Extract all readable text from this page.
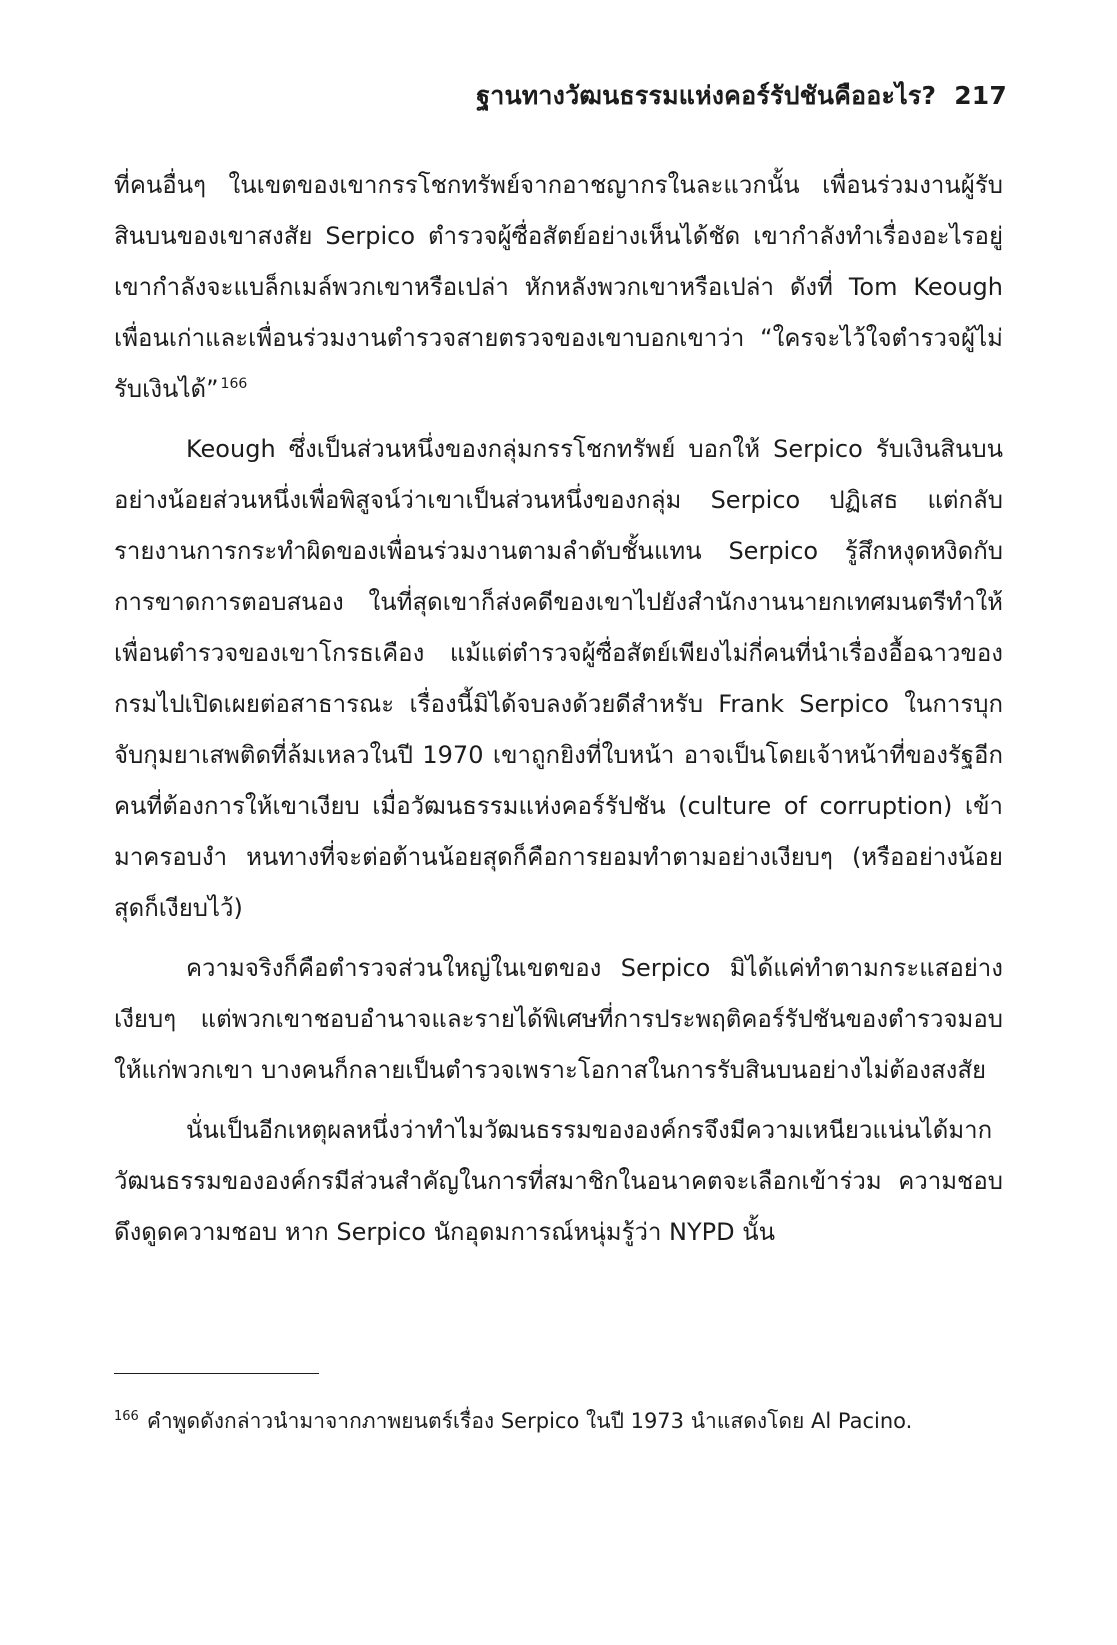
ฐานทางวัฒนธรรมแห่งคอร์รัปชันคืออะไร? 217

ที่คนอื่นๆ ในเขตของเขากรรโชกทรัพย์จากอาชญากรในละแวกนั้น เพื่อนร่วมงานผู้รับสินบนของเขาสงสัย Serpico ตำรวจผู้ซื่อสัตย์อย่างเห็นได้ชัด เขากำลังทำเรื่องอะไรอยู่ เขากำลังจะแบล็กเมล์พวกเขาหรือเปล่า หักหลังพวกเขาหรือเปล่า ดังที่ Tom Keough เพื่อนเก่าและเพื่อนร่วมงานตำรวจสายตรวจของเขาบอกเขาว่า “ใครจะไว้ใจตำรวจผู้ไม่รับเงินได้” $^{166}$

Keough ซึ่งเป็นส่วนหนึ่งของกลุ่มกรรโชกทรัพย์ บอกให้ Serpico รับเงินสินบนอย่างน้อยส่วนหนึ่งเพื่อพิสูจน์ว่าเขาเป็นส่วนหนึ่งของกลุ่ม Serpico ปฏิเสธ แต่กลับรายงานการกระทำผิดของเพื่อนร่วมงานตามลำดับชั้นแทน Serpico รู้สึกหงุดหงิดกับการขาดการตอบสนอง ในที่สุดเขาก็ส่งคดีของเขาไปยังสำนักงานนายกเทศมนตรีทำให้เพื่อนตำรวจของเขาโกรธเคือง แม้แต่ตำรวจผู้ซื่อสัตย์เพียงไม่กี่คนที่นำเรื่องอื้อฉาวของกรมไปเปิดเผยต่อสาธารณะ เรื่องนี้มิได้จบลงด้วยดีสำหรับ Frank Serpico ในการบุกจับกุมยาเสพติดที่ล้มเหลวในปี 1970 เขาถูกยิงที่ใบหน้า อาจเป็นโดยเจ้าหน้าที่ของรัฐอีกคนที่ต้องการให้เขาเงียบ เมื่อวัฒนธรรมแห่งคอร์รัปชัน (culture of corruption) เข้ามาครอบงำ หนทางที่จะต่อต้านน้อยสุดก็คือการยอมทำตามอย่างเงียบๆ (หรืออย่างน้อยสุดก็เงียบไว้)

ความจริงก็คือตำรวจส่วนใหญ่ในเขตของ Serpico มิได้แค่ทำตามกระแสอย่างเงียบๆ แต่พวกเขาชอบอำนาจและรายได้พิเศษที่การประพฤติคอร์รัปชันของตำรวจมอบให้แก่พวกเขา บางคนก็กลายเป็นตำรวจเพราะโอกาสในการรับสินบนอย่างไม่ต้องสงสัย

นั่นเป็นอีกเหตุผลหนึ่งว่าทำไมวัฒนธรรมขององค์กรจึงมีความเหนียวแน่นได้มาก วัฒนธรรมขององค์กรมีส่วนสำคัญในการที่สมาชิกในอนาคตจะเลือกเข้าร่วม ความชอบดึงดูดความชอบ หาก Serpico นักอุดมการณ์หนุ่มรู้ว่า NYPD นั้น

$^{166}$ คำพูดดังกล่าวนำมาจากภาพยนตร์เรื่อง Serpico ในปี 1973 นำแสดงโดย Al Pacino.
